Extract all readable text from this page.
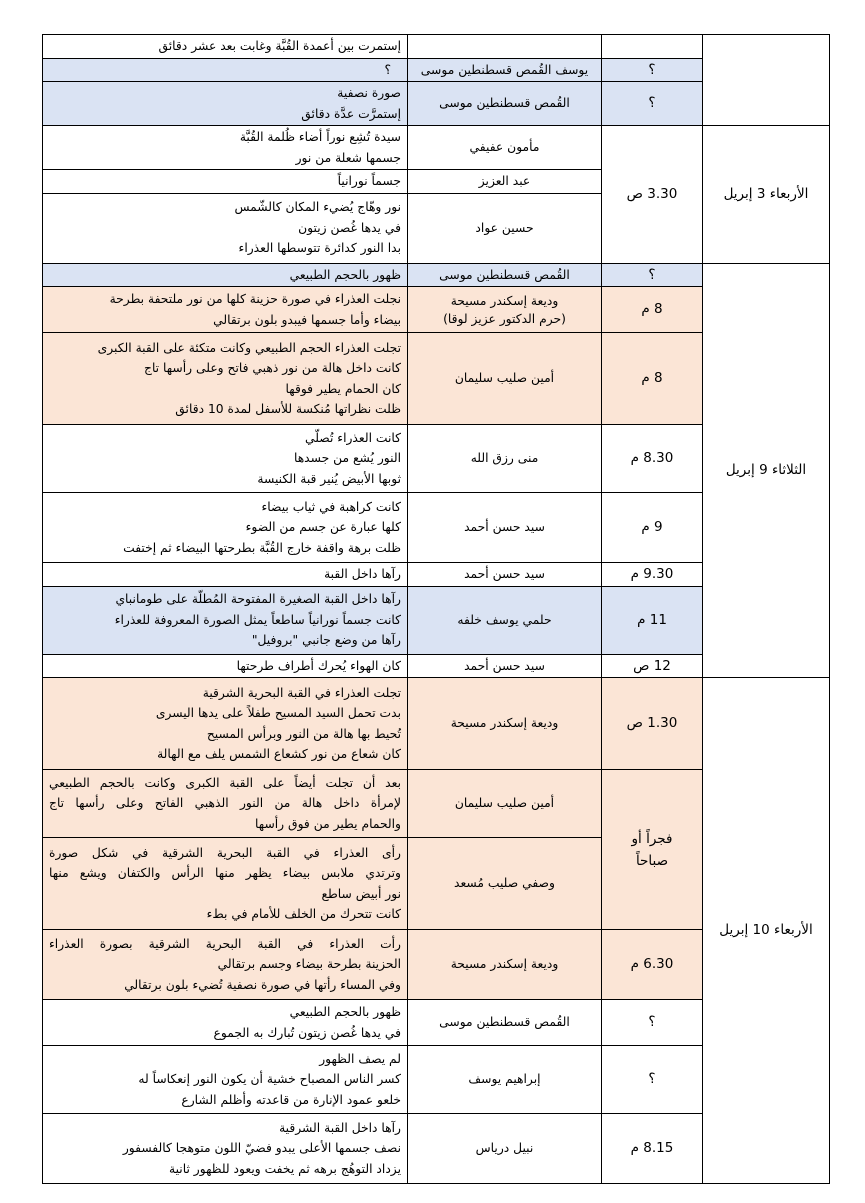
			إستمرت بين أعمدة القُبَّة وغابت بعد عشر دقائق

	؟	يوسف القُمص قسطنطين موسى	؟

	؟	القُمص قسطنطين موسى	صورة نصفية
إستمرَّت عدَّة دقائق

الأربعاء 3 إبريل	3.30 ص	مأمون عفيفي	سيدة تُشِع نوراً أضاء ظُلمة القُبَّة
جسمها شعلة من نور

		عبد العزيز	جسماً نورانياً

		حسين عواد	نور وهّاج يُضيء المكان كالشّمس
في يدها غُصن زيتون
بدا النور كدائرة تتوسطها العذراء

الثلاثاء 9 إبريل	؟	القُمص قسطنطين موسى	ظهور بالحجم الطبيعي

	8 م	وديعة إسكندر مسيحة
(حرم الدكتور عزيز لوقا)	نجلت العذراء في صورة حزينة كلها من نور ملتحفة بطرحة
بيضاء وأما جسمها فيبدو بلون برتقالي

	8 م	أمين صليب سليمان	تجلت العذراء الحجم الطبيعي وكانت متكئة على القبة الكبرى
كانت داخل هالة من نور ذهبي فاتح وعلى رأسها تاج
كان الحمام يطير فوقها
ظلت نظراتها مُنكسة للأسفل لمدة 10 دقائق

	8.30 م	منى رزق الله	كانت العذراء تُصلّي
النور يُشع من جسدها
ثوبها الأبيض يُنير قبة الكنيسة

	9 م	سيد حسن أحمد	كانت كراهبة في ثياب بيضاء
كلها عبارة عن جسم من الضوء
ظلت برهة واقفة خارج القُبَّة بطرحتها البيضاء ثم إختفت

	9.30 م	سيد حسن أحمد	رآها داخل القبة

	11 م	حلمي يوسف خلفه	رآها داخل القبة الصغيرة المفتوحة المُطلّة على طومانباي
كانت جسماً نورانياً ساطعاً يمثل الصورة المعروفة للعذراء
رآها من وضع جانبي "بروفيل"

	12 ص	سيد حسن أحمد	كان الهواء يُحرك أطراف طرحتها

الأربعاء 10 إبريل	1.30 ص	وديعة إسكندر مسيحة	تجلت العذراء في القبة البحرية الشرقية
بدت تحمل السيد المسيح طفلاً على يدها اليسرى
تُحيط بها هالة من النور وبرأس المسيح
كان شعاع من نور كشعاع الشمس يلف مع الهالة

	فجراً أو
صباحاً	أمين صليب سليمان	بعد أن تجلت أيضاً على القبة الكبرى وكانت بالحجم الطبيعي
لإمرأة داخل هالة من النور الذهبي الفاتح وعلى رأسها تاج
والحمام يطير من فوق رأسها

		وصفي صليب مُسعد	رأى العذراء في القبة البحرية الشرقية في شكل صورة
وترتدي ملابس بيضاء يظهر منها الرأس والكتفان ويشع منها
نور أبيض ساطع
كانت تتحرك من الخلف للأمام في بطء

	6.30 م	وديعة إسكندر مسيحة	رأت العذراء في القبة البحرية الشرقية بصورة العذراء
الحزينة بطرحة بيضاء وجسم برتقالي
وفي المساء رأتها في صورة نصفية تُضيء بلون برتقالي

	؟	القُمص قسطنطين موسى	ظهور بالحجم الطبيعي
في يدها غُصن زيتون تُبارك به الجموع

	؟	إبراهيم يوسف	لم يصف الظهور
كسر الناس المصباح خشية أن يكون النور إنعكاساً له
خلعو عمود الإنارة من قاعدته وأظلم الشارع

	8.15 م	نبيل درياس	رآها داخل القبة الشرقية
نصف جسمها الأعلى يبدو فضيّ اللون متوهجا كالفسفور
يزداد التوهُج برهه ثم يخفت ويعود للظهور ثانية
